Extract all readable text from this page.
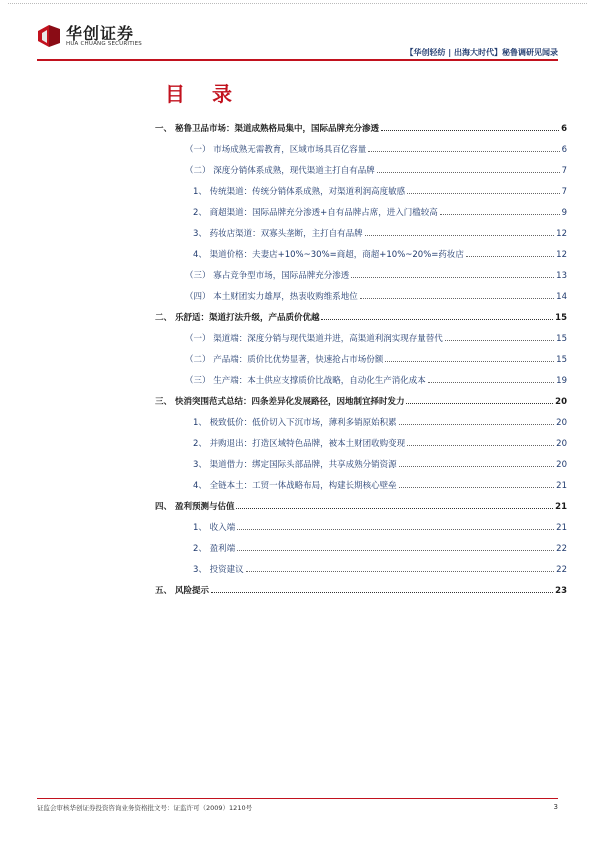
华创证券
HUA CHUANG SECURITIES
【华创轻纺 | 出海大时代】秘鲁调研见闻录
目 录
一、 秘鲁卫品市场：渠道成熟格局集中，国际品牌充分渗透	6
（一） 市场成熟无需教育，区域市场具百亿容量	6
（二） 深度分销体系成熟，现代渠道主打自有品牌	7
1、 传统渠道：传统分销体系成熟，对渠道利润高度敏感	7
2、 商超渠道：国际品牌充分渗透+自有品牌占席，进入门槛较高	9
3、 药妆店渠道：双寡头垄断，主打自有品牌	12
4、 渠道价格：夫妻店+10%~30%=商超，商超+10%~20%=药妆店	12
（三） 寡占竞争型市场，国际品牌充分渗透	13
（四） 本土财团实力雄厚，热衷收购维系地位	14
二、 乐舒适：渠道打法升级，产品质价优越	15
（一） 渠道端：深度分销与现代渠道并进，高渠道利润实现存量替代	15
（二） 产品端：质价比优势显著，快速抢占市场份额	15
（三） 生产端：本土供应支撑质价比战略，自动化生产消化成本	19
三、 快消突围范式总结：四条差异化发展路径，因地制宜择时发力	20
1、 极致低价：低价切入下沉市场，薄利多销原始积累	20
2、 并购退出：打造区域特色品牌，被本土财团收购变现	20
3、 渠道借力：绑定国际头部品牌，共享成熟分销资源	20
4、 全链本土：工贸一体战略布局，构建长期核心壁垒	21
四、 盈利预测与估值	21
1、 收入端	21
2、 盈利端	22
3、 投资建议	22
五、 风险提示	23
证监会审核华创证券投资咨询业务资格批文号：证监许可（2009）1210号	3
